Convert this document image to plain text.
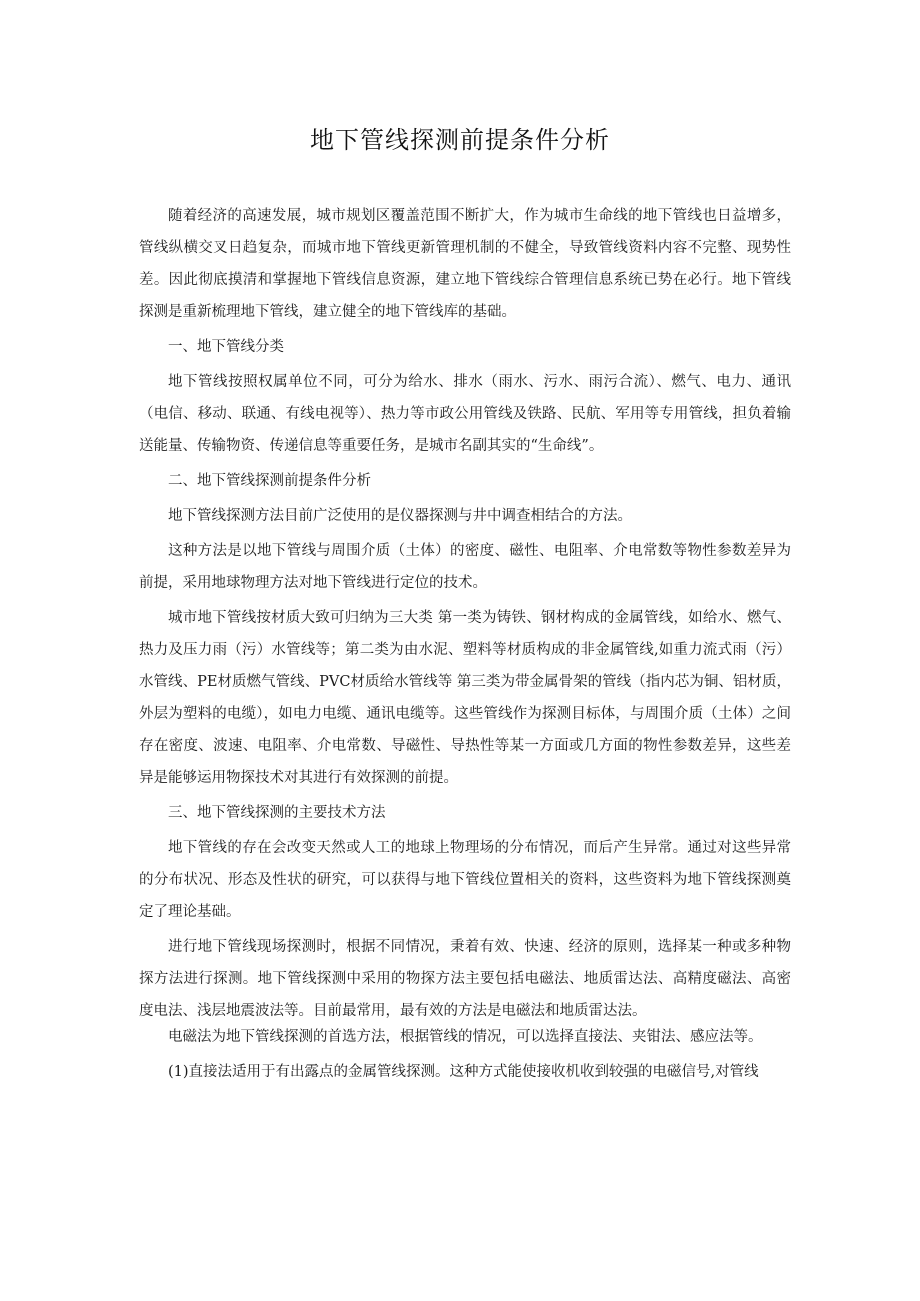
地下管线探测前提条件分析

随着经济的高速发展，城市规划区覆盖范围不断扩大，作为城市生命线的地下管线也日益增多，管线纵横交叉日趋复杂，而城市地下管线更新管理机制的不健全，导致管线资料内容不完整、现势性差。因此彻底摸清和掌握地下管线信息资源，建立地下管线综合管理信息系统已势在必行。地下管线探测是重新梳理地下管线，建立健全的地下管线库的基础。

一、地下管线分类

地下管线按照权属单位不同，可分为给水、排水（雨水、污水、雨污合流）、燃气、电力、通讯（电信、移动、联通、有线电视等）、热力等市政公用管线及铁路、民航、军用等专用管线，担负着输送能量、传输物资、传递信息等重要任务，是城市名副其实的“生命线”。

二、地下管线探测前提条件分析

地下管线探测方法目前广泛使用的是仪器探测与井中调查相结合的方法。

这种方法是以地下管线与周围介质（土体）的密度、磁性、电阻率、介电常数等物性参数差异为前提，采用地球物理方法对地下管线进行定位的技术。

城市地下管线按材质大致可归纳为三大类 第一类为铸铁、钢材构成的金属管线，如给水、燃气、热力及压力雨（污）水管线等；第二类为由水泥、塑料等材质构成的非金属管线,如重力流式雨（污）水管线、PE材质燃气管线、PVC材质给水管线等 第三类为带金属骨架的管线（指内芯为铜、铝材质，外层为塑料的电缆），如电力电缆、通讯电缆等。这些管线作为探测目标体，与周围介质（土体）之间存在密度、波速、电阻率、介电常数、导磁性、导热性等某一方面或几方面的物性参数差异，这些差异是能够运用物探技术对其进行有效探测的前提。

三、地下管线探测的主要技术方法

地下管线的存在会改变天然或人工的地球上物理场的分布情况，而后产生异常。通过对这些异常的分布状况、形态及性状的研究，可以获得与地下管线位置相关的资料，这些资料为地下管线探测奠定了理论基础。

进行地下管线现场探测时，根据不同情况，秉着有效、快速、经济的原则，选择某一种或多种物探方法进行探测。地下管线探测中采用的物探方法主要包括电磁法、地质雷达法、高精度磁法、高密度电法、浅层地震波法等。目前最常用，最有效的方法是电磁法和地质雷达法。

电磁法为地下管线探测的首选方法，根据管线的情况，可以选择直接法、夹钳法、感应法等。

(1)直接法适用于有出露点的金属管线探测。这种方式能使接收机收到较强的电磁信号,对管线
